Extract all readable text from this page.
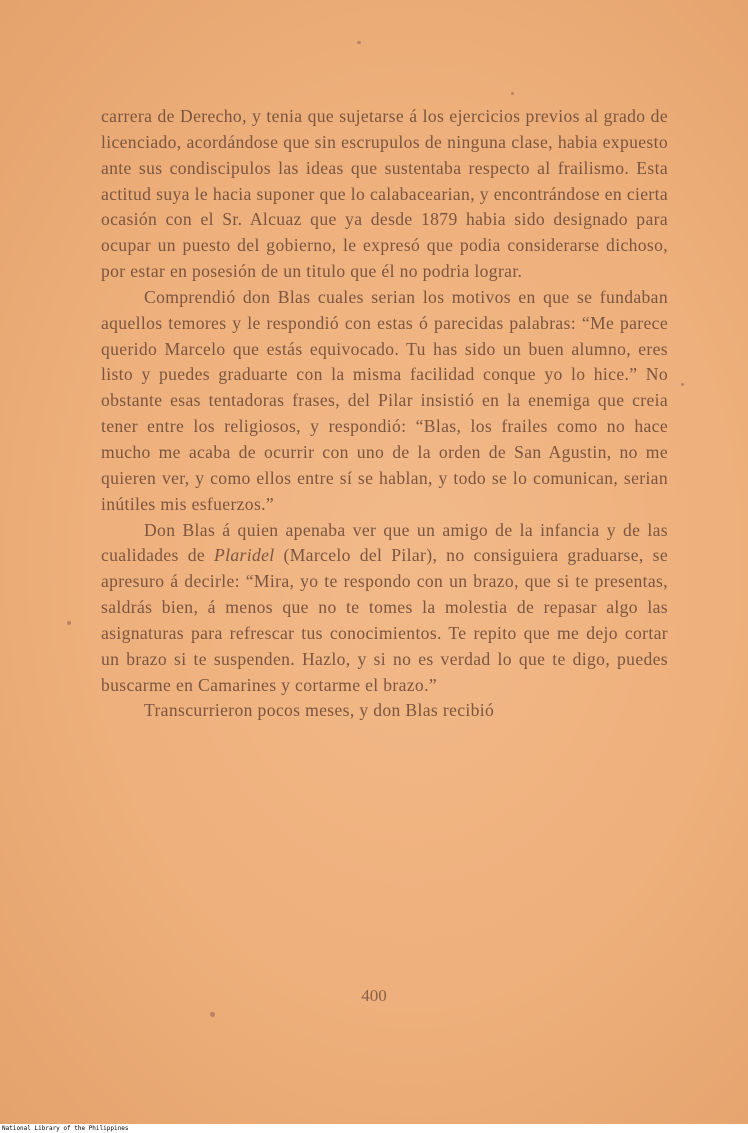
carrera de Derecho, y tenia que sujetarse á los ejercicios previos al grado de licenciado, acordándose que sin escrupulos de ninguna clase, habia expuesto ante sus condiscipulos las ideas que sustentaba respecto al frailismo. Esta actitud suya le hacia suponer que lo calabacearian, y encontrándose en cierta ocasión con el Sr. Alcuaz que ya desde 1879 habia sido designado para ocupar un puesto del gobierno, le expresó que podia considerarse dichoso, por estar en posesión de un titulo que él no podria lograr.

Comprendió don Blas cuales serian los motivos en que se fundaban aquellos temores y le respondió con estas ó parecidas palabras: “Me parece querido Marcelo que estás equivocado. Tu has sido un buen alumno, eres listo y puedes graduarte con la misma facilidad conque yo lo hice.” No obstante esas tentadoras frases, del Pilar insistió en la enemiga que creia tener entre los religiosos, y respondió: “Blas, los frailes como no hace mucho me acaba de ocurrir con uno de la orden de San Agustin, no me quieren ver, y como ellos entre sí se hablan, y todo se lo comunican, serian inútiles mis esfuerzos.”

Don Blas á quien apenaba ver que un amigo de la infancia y de las cualidades de Plaridel (Marcelo del Pilar), no consiguiera graduarse, se apresuro á decirle: “Mira, yo te respondo con un brazo, que si te presentas, saldrás bien, á menos que no te tomes la molestia de repasar algo las asignaturas para refrescar tus conocimientos. Te repito que me dejo cortar un brazo si te suspenden. Hazlo, y si no es verdad lo que te digo, puedes buscarme en Camarines y cortarme el brazo.”

Transcurrieron pocos meses, y don Blas recibió

400
National Library of the Philippines
